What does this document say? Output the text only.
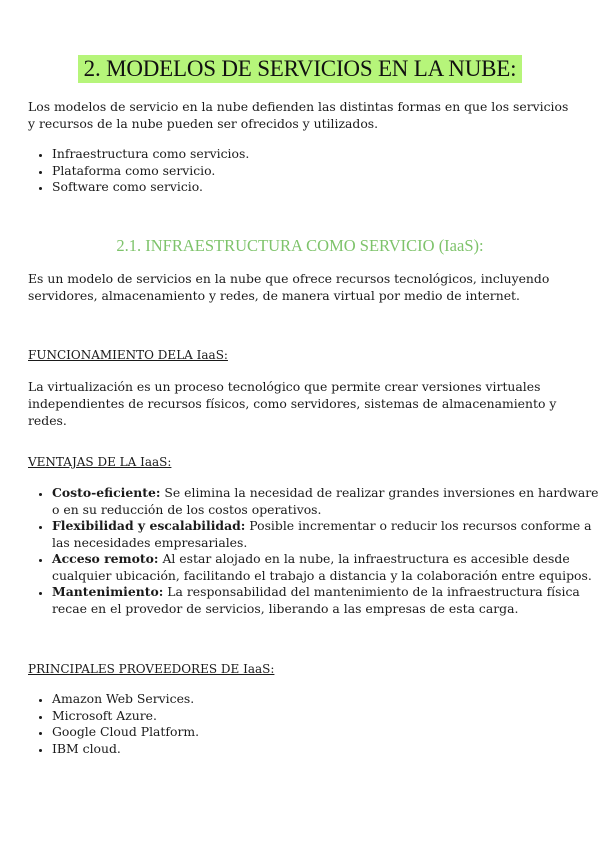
2. MODELOS DE SERVICIOS EN LA NUBE:

Los modelos de servicio en la nube defienden las distintas formas en que los servicios y recursos de la nube pueden ser ofrecidos y utilizados.

• Infraestructura como servicios.
• Plataforma como servicio.
• Software como servicio.
2.1. INFRAESTRUCTURA COMO SERVICIO (IaaS):

Es un modelo de servicios en la nube que ofrece recursos tecnológicos, incluyendo servidores, almacenamiento y redes, de manera virtual por medio de internet.

FUNCIONAMIENTO DELA IaaS:

La virtualización es un proceso tecnológico que permite crear versiones virtuales independientes de recursos físicos, como servidores, sistemas de almacenamiento y redes.

VENTAJAS DE LA IaaS:
• Costo-eficiente: Se elimina la necesidad de realizar grandes inversiones en hardware o en su reducción de los costos operativos.
• Flexibilidad y escalabilidad: Posible incrementar o reducir los recursos conforme a las necesidades empresariales.
• Acceso remoto: Al estar alojado en la nube, la infraestructura es accesible desde cualquier ubicación, facilitando el trabajo a distancia y la colaboración entre equipos.
• Mantenimiento: La responsabilidad del mantenimiento de la infraestructura física recae en el provedor de servicios, liberando a las empresas de esta carga.
PRINCIPALES PROVEEDORES DE IaaS:
• Amazon Web Services.
• Microsoft Azure.
• Google Cloud Platform.
• IBM cloud.
